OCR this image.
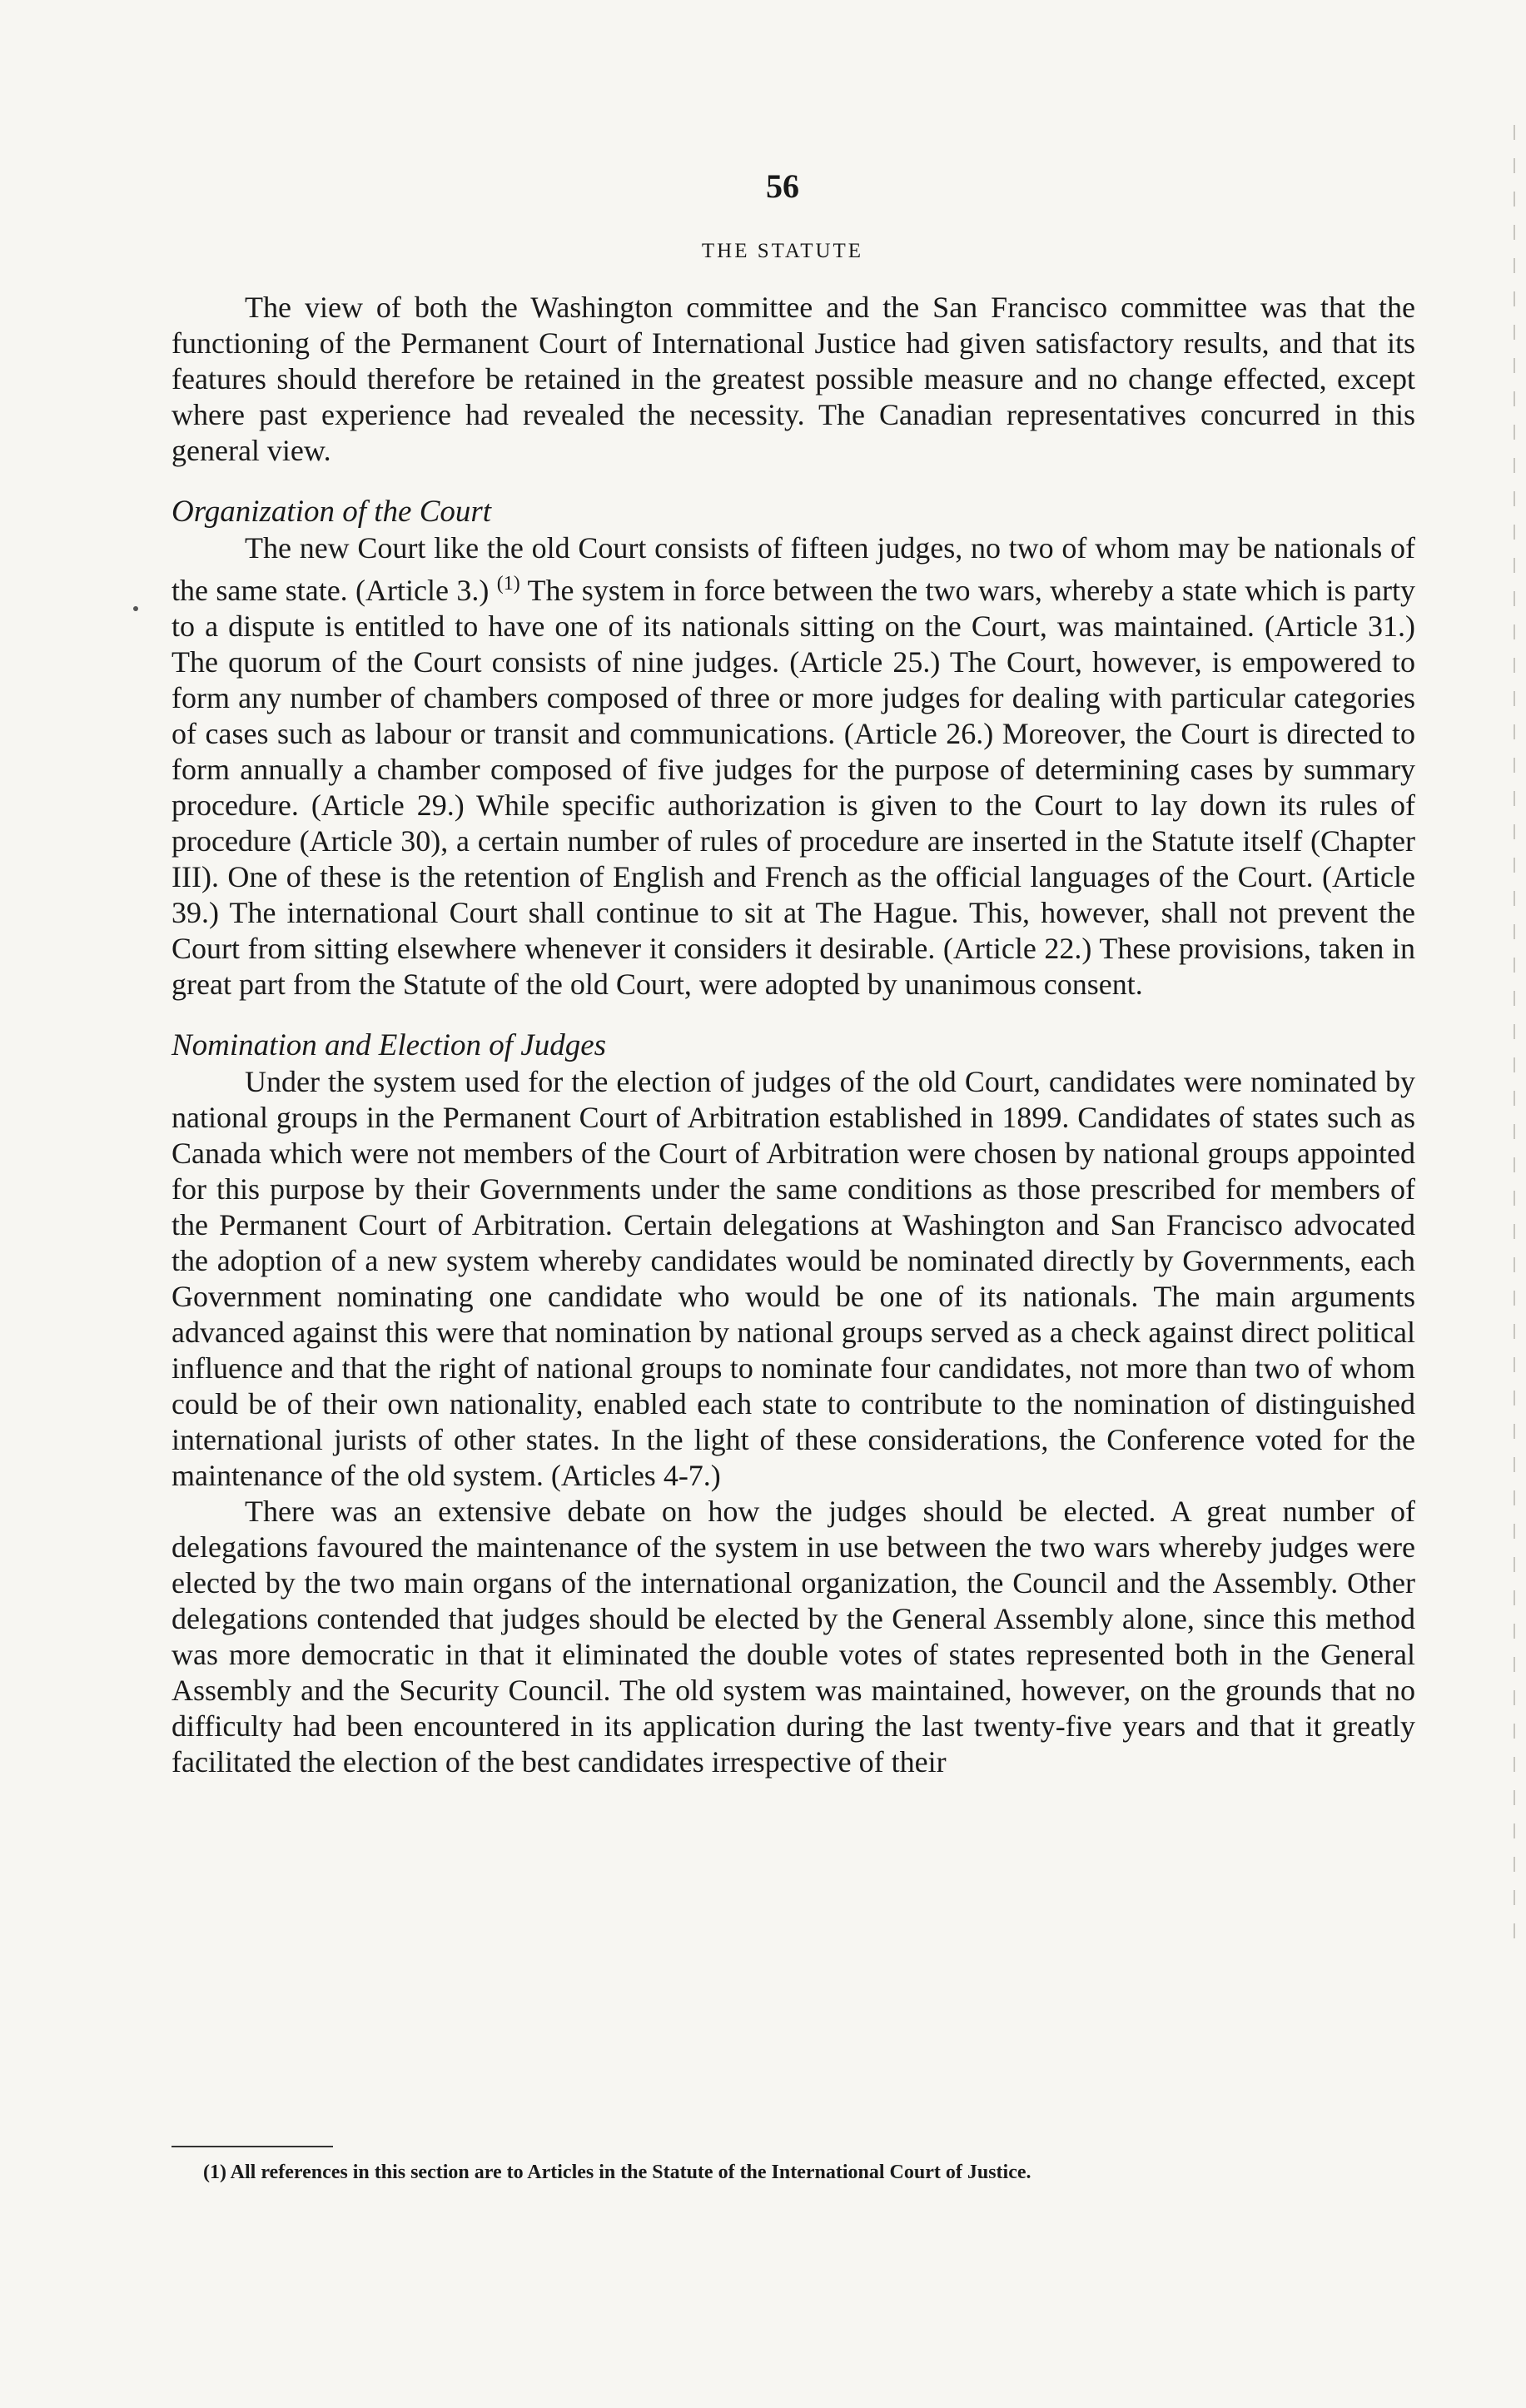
56
THE STATUTE

The view of both the Washington committee and the San Francisco committee was that the functioning of the Permanent Court of International Justice had given satisfactory results, and that its features should therefore be retained in the greatest possible measure and no change effected, except where past experience had revealed the necessity. The Canadian representatives concurred in this general view.

Organization of the Court

The new Court like the old Court consists of fifteen judges, no two of whom may be nationals of the same state. (Article 3.) $^{(1)}$ The system in force between the two wars, whereby a state which is party to a dispute is entitled to have one of its nationals sitting on the Court, was maintained. (Article 31.) The quorum of the Court consists of nine judges. (Article 25.) The Court, however, is empowered to form any number of chambers composed of three or more judges for dealing with particular categories of cases such as labour or transit and communications. (Article 26.) Moreover, the Court is directed to form annually a chamber composed of five judges for the purpose of determining cases by summary procedure. (Article 29.) While specific authorization is given to the Court to lay down its rules of procedure (Article 30), a certain number of rules of procedure are inserted in the Statute itself (Chapter III). One of these is the retention of English and French as the official languages of the Court. (Article 39.) The international Court shall continue to sit at The Hague. This, however, shall not prevent the Court from sitting elsewhere whenever it considers it desirable. (Article 22.) These provisions, taken in great part from the Statute of the old Court, were adopted by unanimous consent.

Nomination and Election of Judges

Under the system used for the election of judges of the old Court, candidates were nominated by national groups in the Permanent Court of Arbitration established in 1899. Candidates of states such as Canada which were not members of the Court of Arbitration were chosen by national groups appointed for this purpose by their Governments under the same conditions as those prescribed for members of the Permanent Court of Arbitration. Certain delegations at Washington and San Francisco advocated the adoption of a new system whereby candidates would be nominated directly by Governments, each Government nominating one candidate who would be one of its nationals. The main arguments advanced against this were that nomination by national groups served as a check against direct political influence and that the right of national groups to nominate four candidates, not more than two of whom could be of their own nationality, enabled each state to contribute to the nomination of distinguished international jurists of other states. In the light of these considerations, the Conference voted for the maintenance of the old system. (Articles 4-7.)

There was an extensive debate on how the judges should be elected. A great number of delegations favoured the maintenance of the system in use between the two wars whereby judges were elected by the two main organs of the international organization, the Council and the Assembly. Other delegations contended that judges should be elected by the General Assembly alone, since this method was more democratic in that it eliminated the double votes of states represented both in the General Assembly and the Security Council. The old system was maintained, however, on the grounds that no difficulty had been encountered in its application during the last twenty-five years and that it greatly facilitated the election of the best candidates irrespective of their

(1) All references in this section are to Articles in the Statute of the International Court of Justice.
